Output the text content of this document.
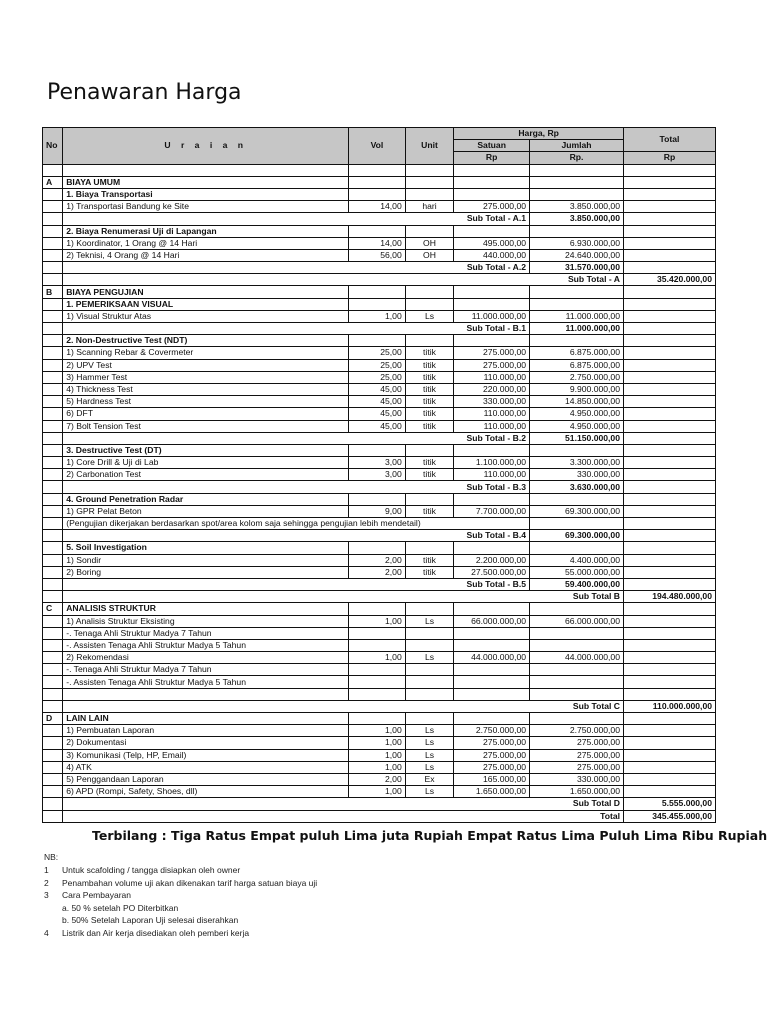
Penawaran Harga
No	U r a i a n	Vol	Unit	Harga, Rp		Total
				Satuan	Jumlah	
				Rp	Rp.	Rp

A	BIAYA UMUM					
	1. Biaya Transportasi					
	1) Transportasi Bandung ke Site	14,00	hari	275.000,00	3.850.000,00	
	Sub Total - A.1				3.850.000,00	
	2. Biaya Renumerasi Uji di Lapangan					
	1) Koordinator, 1 Orang @ 14 Hari	14,00	OH	495.000,00	6.930.000,00	
	2) Teknisi, 4 Orang @ 14 Hari	56,00	OH	440.000,00	24.640.000,00	
	Sub Total - A.2				31.570.000,00	
	Sub Total - A					35.420.000,00
B	BIAYA PENGUJIAN					
	1. PEMERIKSAAN VISUAL					
	1) Visual Struktur Atas	1,00	Ls	11.000.000,00	11.000.000,00	
	Sub Total - B.1				11.000.000,00	
	2. Non-Destructive Test (NDT)					
	1) Scanning Rebar & Covermeter	25,00	titik	275.000,00	6.875.000,00	
	2) UPV Test	25,00	titik	275.000,00	6.875.000,00	
	3) Hammer Test	25,00	titik	110.000,00	2.750.000,00	
	4) Thickness Test	45,00	titik	220.000,00	9.900.000,00	
	5) Hardness Test	45,00	titik	330.000,00	14.850.000,00	
	6) DFT	45,00	titik	110.000,00	4.950.000,00	
	7) Bolt Tension Test	45,00	titik	110.000,00	4.950.000,00	
	Sub Total - B.2				51.150.000,00	
	3. Destructive Test (DT)					
	1) Core Drill & Uji di Lab	3,00	titik	1.100.000,00	3.300.000,00	
	2) Carbonation Test	3,00	titik	110.000,00	330.000,00	
	Sub Total - B.3				3.630.000,00	
	4. Ground Penetration Radar					
	1) GPR Pelat Beton	9,00	titik	7.700.000,00	69.300.000,00	
	(Pengujian dikerjakan berdasarkan spot/area kolom saja sehingga pengujian lebih mendetail)					
	Sub Total - B.4				69.300.000,00	
	5. Soil Investigation					
	1) Sondir	2,00	titik	2.200.000,00	4.400.000,00	
	2) Boring	2,00	titik	27.500.000,00	55.000.000,00	
	Sub Total - B.5				59.400.000,00	
	Sub Total B					194.480.000,00
C	ANALISIS STRUKTUR					
	1) Analisis Struktur Eksisting	1,00	Ls	66.000.000,00	66.000.000,00	
	-. Tenaga Ahli Struktur Madya 7 Tahun					
	-. Assisten Tenaga Ahli Struktur Madya 5 Tahun					
	2) Rekomendasi	1,00	Ls	44.000.000,00	44.000.000,00	
	-. Tenaga Ahli Struktur Madya 7 Tahun					
	-. Assisten Tenaga Ahli Struktur Madya 5 Tahun					

	Sub Total C					110.000.000,00
D	LAIN LAIN					
	1) Pembuatan Laporan	1,00	Ls	2.750.000,00	2.750.000,00	
	2) Dokumentasi	1,00	Ls	275.000,00	275.000,00	
	3) Komunikasi (Telp, HP, Email)	1,00	Ls	275.000,00	275.000,00	
	4) ATK	1,00	Ls	275.000,00	275.000,00	
	5) Penggandaan Laporan	2,00	Ex	165.000,00	330.000,00	
	6) APD (Rompi, Safety, Shoes, dll)	1,00	Ls	1.650.000,00	1.650.000,00	
	Sub Total D					5.555.000,00
	Total					345.455.000,00
Terbilang : Tiga Ratus Empat puluh Lima juta Rupiah Empat Ratus Lima Puluh Lima Ribu Rupiah
NB:
1	Untuk scafolding / tangga disiapkan oleh owner
2	Penambahan volume uji akan dikenakan tarif harga satuan biaya uji
3	Cara Pembayaran
a. 50 % setelah PO Diterbitkan
b. 50% Setelah Laporan Uji selesai diserahkan
4	Listrik dan Air kerja disediakan oleh pemberi kerja
